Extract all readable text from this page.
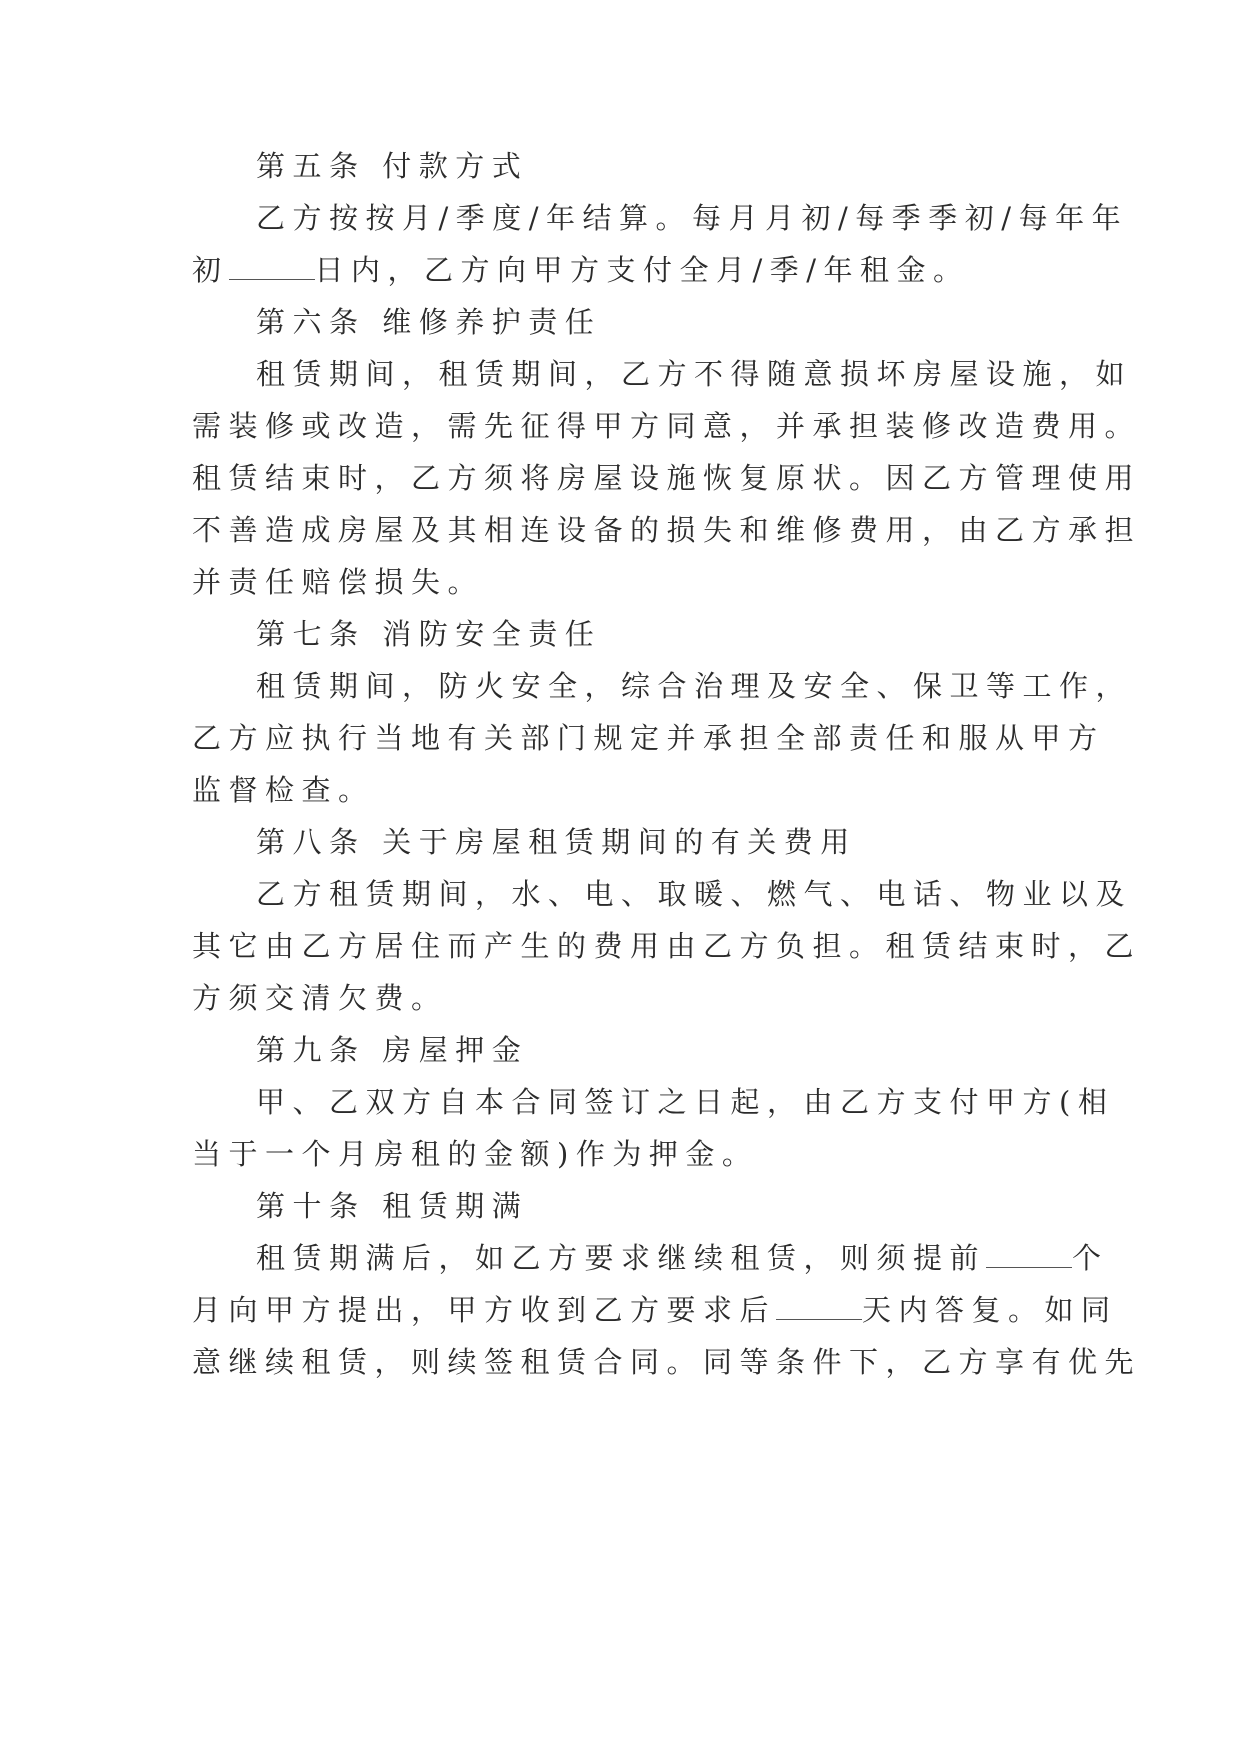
第五条 付款方式
乙方按按月/季度/年结算。每月月初/每季季初/每年年
初	日内，乙方向甲方支付全月/季/年租金。
第六条 维修养护责任
租赁期间，租赁期间，乙方不得随意损坏房屋设施，如
需装修或改造，需先征得甲方同意，并承担装修改造费用。
租赁结束时，乙方须将房屋设施恢复原状。因乙方管理使用
不善造成房屋及其相连设备的损失和维修费用，由乙方承担
并责任赔偿损失。
第七条 消防安全责任
租赁期间，防火安全，综合治理及安全、保卫等工作，
乙方应执行当地有关部门规定并承担全部责任和服从甲方
监督检查。
第八条 关于房屋租赁期间的有关费用
乙方租赁期间，水、电、取暖、燃气、电话、物业以及
其它由乙方居住而产生的费用由乙方负担。租赁结束时，乙
方须交清欠费。
第九条 房屋押金
甲、乙双方自本合同签订之日起，由乙方支付甲方(相
当于一个月房租的金额)作为押金。
第十条 租赁期满
租赁期满后，如乙方要求继续租赁，则须提前	个
月向甲方提出，甲方收到乙方要求后	天内答复。如同
意继续租赁，则续签租赁合同。同等条件下，乙方享有优先
